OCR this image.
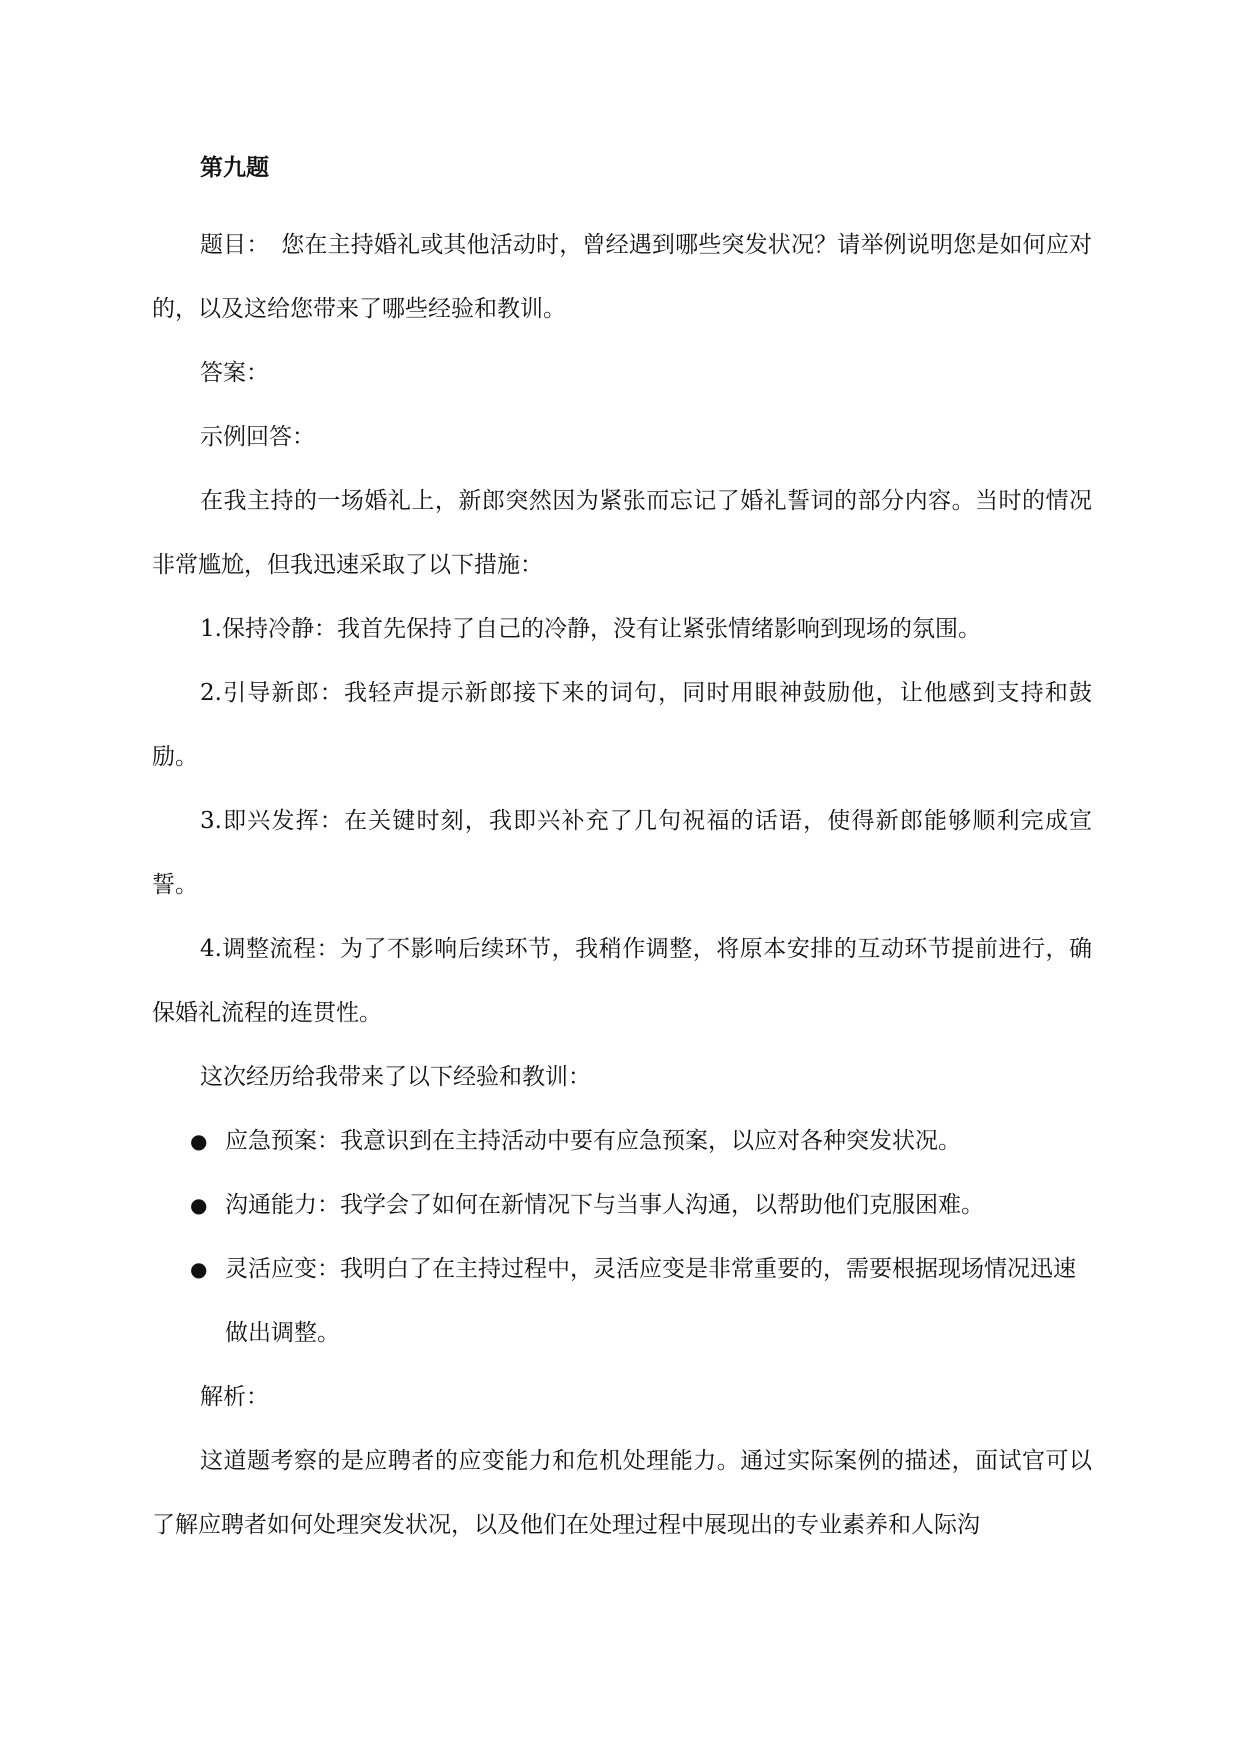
第九题

题目：　 您在主持婚礼或其他活动时，曾经遇到哪些突发状况？请举例说明您是如何应对的，以及这给您带来了哪些经验和教训。

答案：

示例回答：

在我主持的一场婚礼上，新郎突然因为紧张而忘记了婚礼誓词的部分内容。当时的情况非常尴尬，但我迅速采取了以下措施：

1.保持冷静：我首先保持了自己的冷静，没有让紧张情绪影响到现场的氛围。

2.引导新郎：我轻声提示新郎接下来的词句，同时用眼神鼓励他，让他感到支持和鼓励。

3.即兴发挥：在关键时刻，我即兴补充了几句祝福的话语，使得新郎能够顺利完成宣誓。

4.调整流程：为了不影响后续环节，我稍作调整，将原本安排的互动环节提前进行，确保婚礼流程的连贯性。

这次经历给我带来了以下经验和教训：

● 应急预案：我意识到在主持活动中要有应急预案，以应对各种突发状况。
● 沟通能力：我学会了如何在新情况下与当事人沟通，以帮助他们克服困难。
● 灵活应变：我明白了在主持过程中，灵活应变是非常重要的，需要根据现场情况迅速做出调整。

解析：

这道题考察的是应聘者的应变能力和危机处理能力。通过实际案例的描述，面试官可以了解应聘者如何处理突发状况，以及他们在处理过程中展现出的专业素养和人际沟
